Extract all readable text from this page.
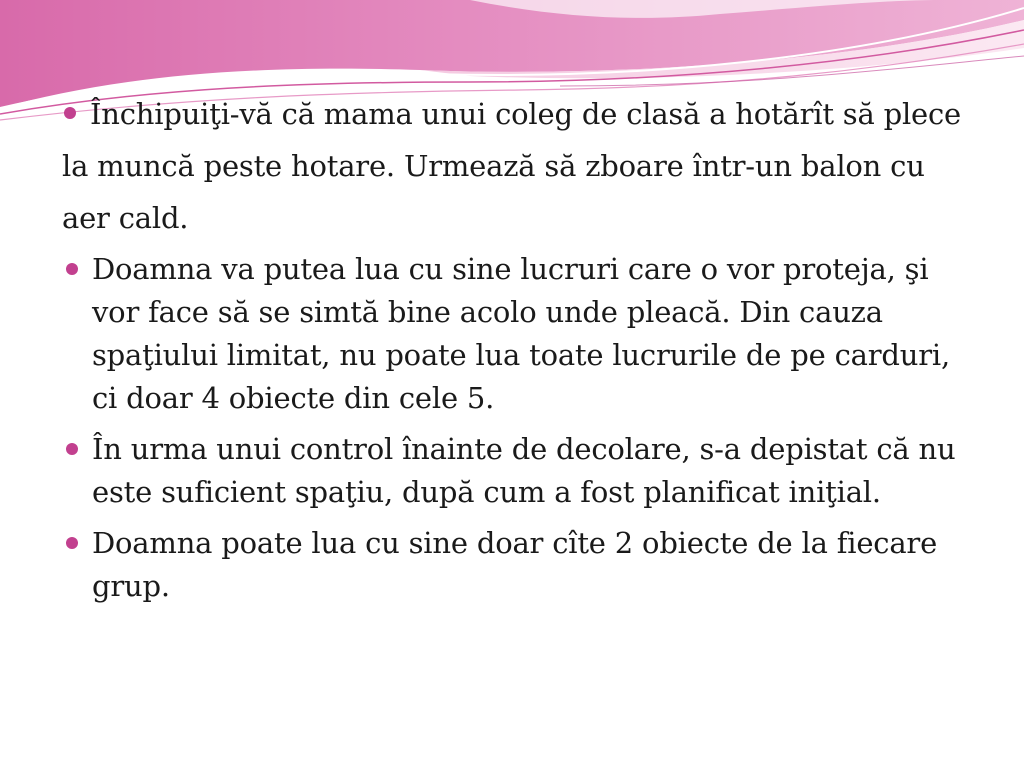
Închipuiţi-vă că mama unui coleg de clasă a hotărît să plece la muncă peste hotare. Urmează să zboare într-un balon cu aer cald.
Doamna va putea lua cu sine lucruri care o vor proteja, şi vor face să se simtă bine acolo unde pleacă. Din cauza spaţiului limitat, nu poate lua toate lucrurile de pe carduri, ci doar 4 obiecte din cele 5.
În urma unui control înainte de decolare, s-a depistat că nu este suficient spaţiu, după cum a fost planificat iniţial.
Doamna poate lua cu sine doar cîte 2 obiecte de la fiecare grup.
